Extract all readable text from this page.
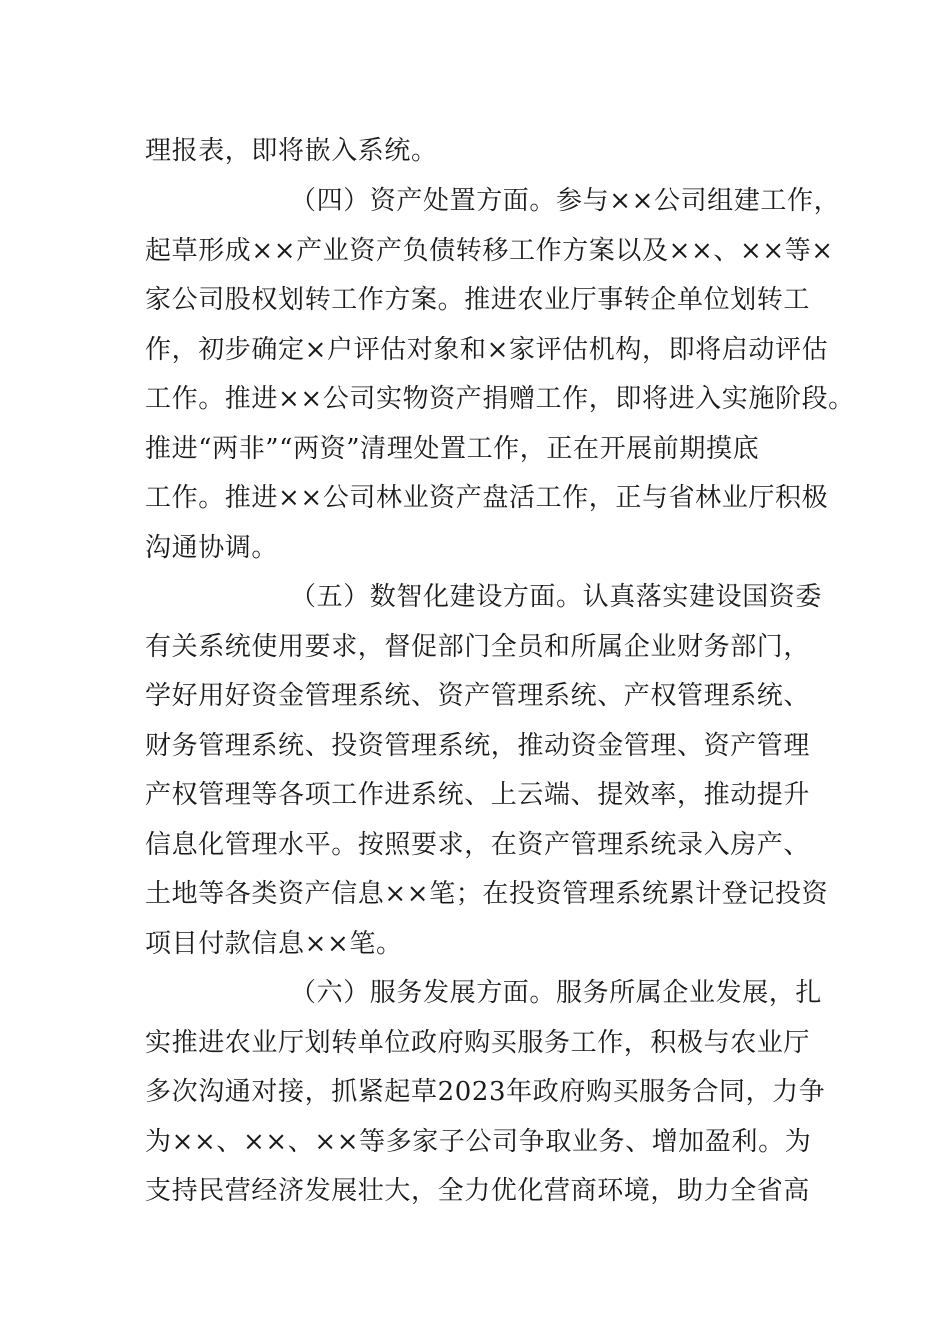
理报表，即将嵌入系统。
（四）资产处置方面。参与××公司组建工作，
起草形成××产业资产负债转移工作方案以及××、××等×
家公司股权划转工作方案。推进农业厅事转企单位划转工
作，初步确定×户评估对象和×家评估机构，即将启动评估
工作。推进××公司实物资产捐赠工作，即将进入实施阶段。
推进“两非”“两资”清理处置工作，正在开展前期摸底
工作。推进××公司林业资产盘活工作，正与省林业厅积极
沟通协调。
（五）数智化建设方面。认真落实建设国资委
有关系统使用要求，督促部门全员和所属企业财务部门，
学好用好资金管理系统、资产管理系统、产权管理系统、
财务管理系统、投资管理系统，推动资金管理、资产管理
产权管理等各项工作进系统、上云端、提效率，推动提升
信息化管理水平。按照要求，在资产管理系统录入房产、
土地等各类资产信息××笔；在投资管理系统累计登记投资
项目付款信息××笔。
（六）服务发展方面。服务所属企业发展，扎
实推进农业厅划转单位政府购买服务工作，积极与农业厅
多次沟通对接，抓紧起草2023年政府购买服务合同，力争
为××、××、××等多家子公司争取业务、增加盈利。为
支持民营经济发展壮大，全力优化营商环境，助力全省高
